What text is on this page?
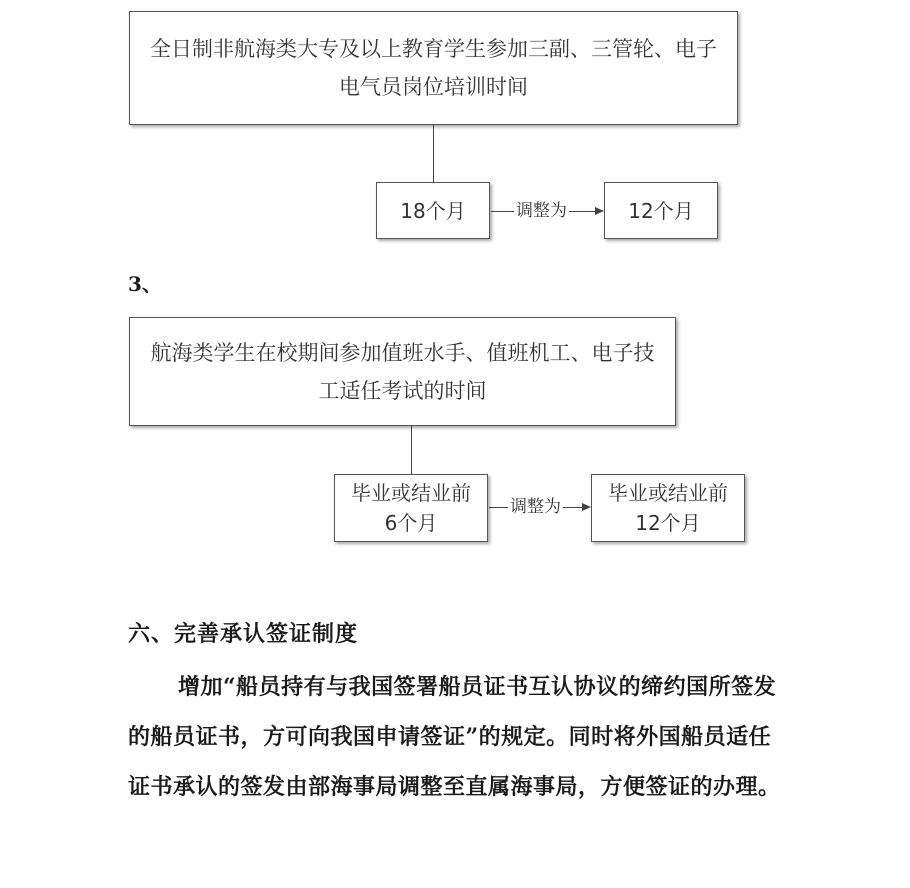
全日制非航海类大专及以上教育学生参加三副、三管轮、电子电气员岗位培训时间
18个月	调整为	12个月
3、
航海类学生在校期间参加值班水手、值班机工、电子技工适任考试的时间
毕业或结业前
6个月
调整为
毕业或结业前
12个月
六、完善承认签证制度

增加“船员持有与我国签署船员证书互认协议的缔约国所签发的船员证书，方可向我国申请签证”的规定。同时将外国船员适任证书承认的签发由部海事局调整至直属海事局，方便签证的办理。
